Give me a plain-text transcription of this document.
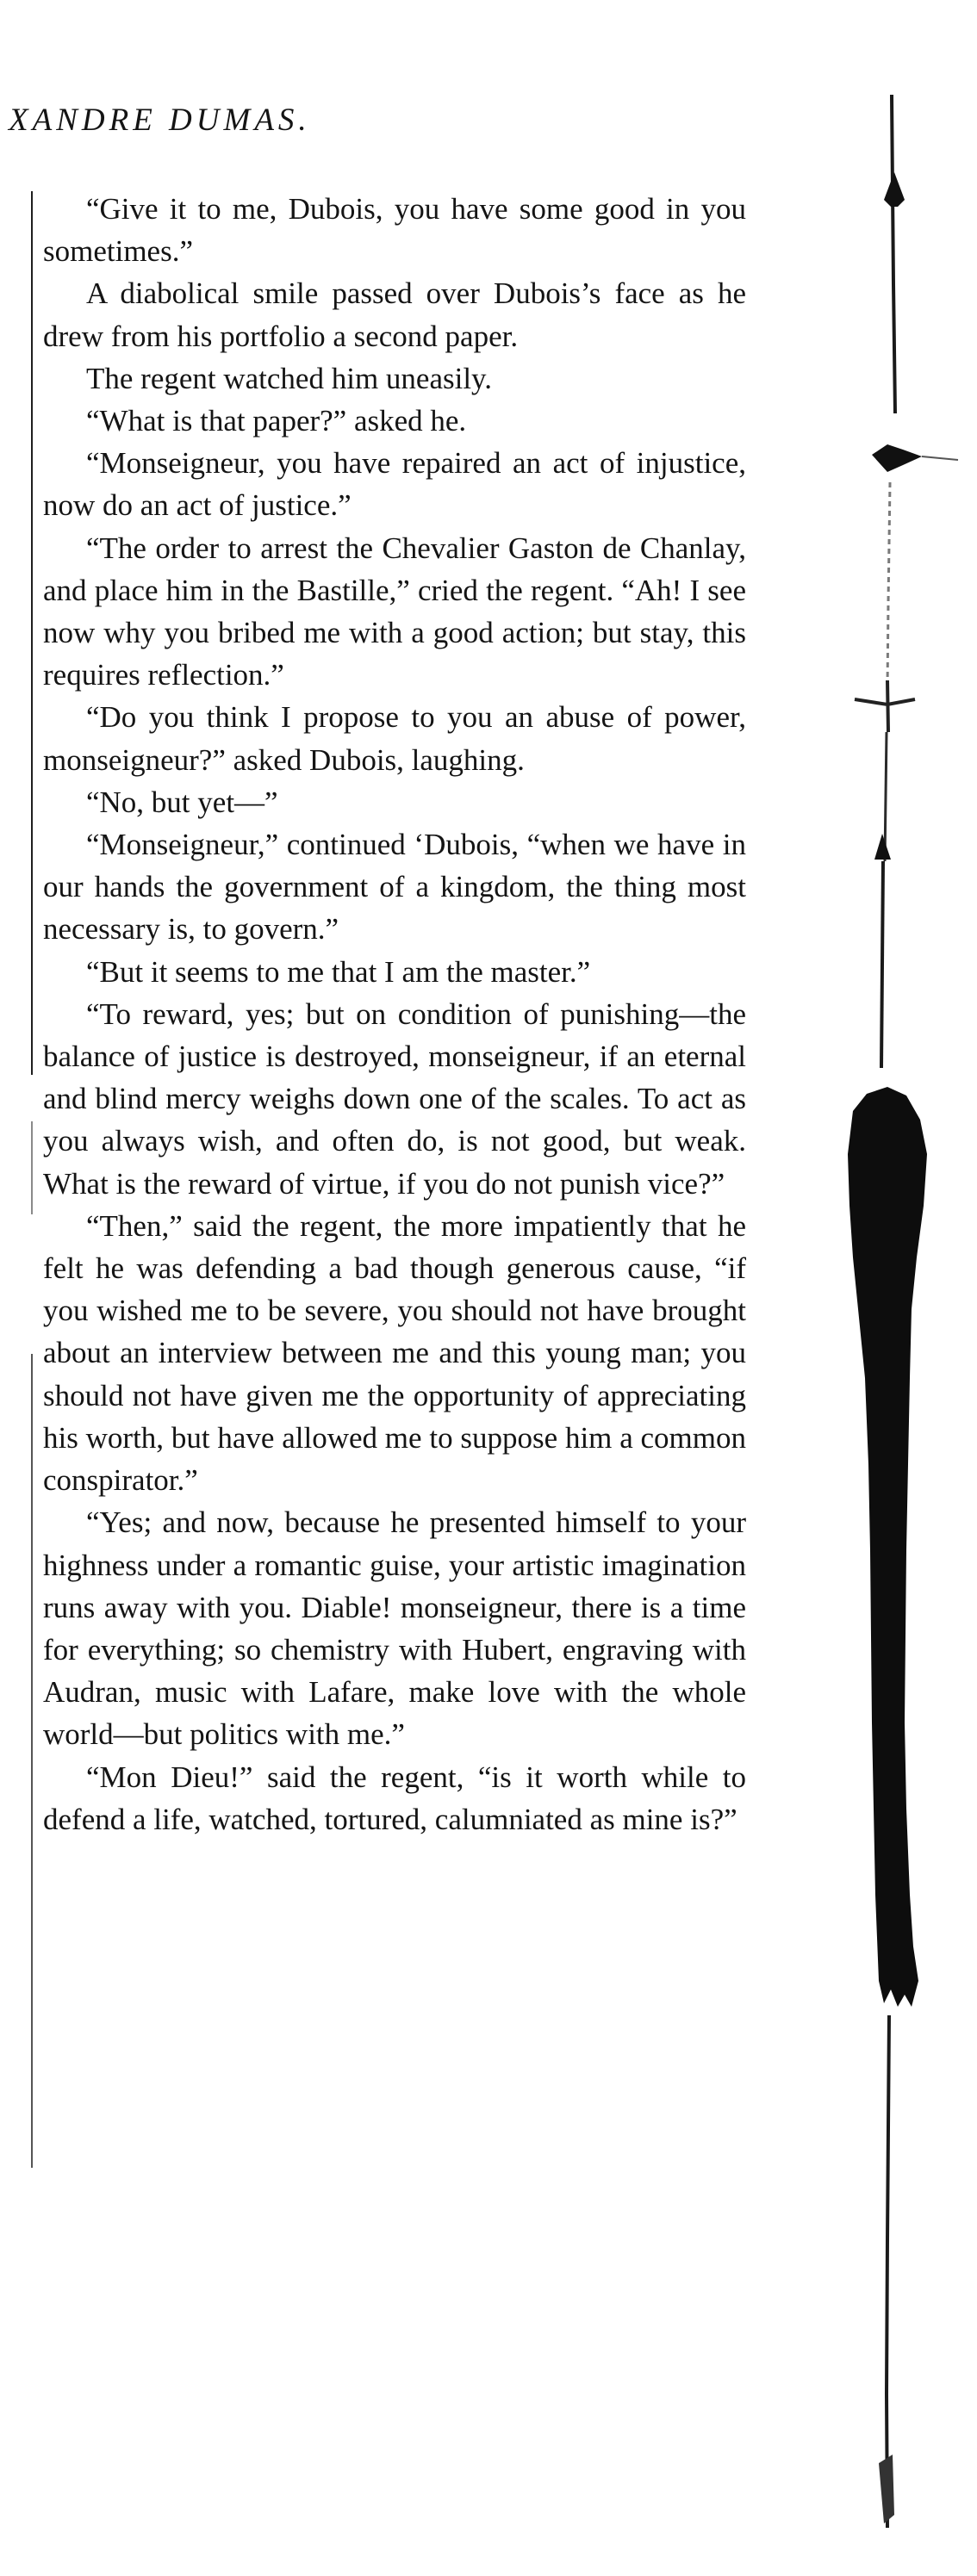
XANDRE DUMAS.

“Give it to me, Dubois, you have some good in you sometimes.”

A diabolical smile passed over Dubois’s face as he drew from his portfolio a second paper.

The regent watched him uneasily.

“What is that paper?” asked he.

“Monseigneur, you have repaired an act of injustice, now do an act of justice.”

“The order to arrest the Chevalier Gaston de Chanlay, and place him in the Bastille,” cried the regent. “Ah! I see now why you bribed me with a good action; but stay, this requires reflection.”

“Do you think I propose to you an abuse of power, monseigneur?” asked Dubois, laughing.

“No, but yet—”

“Monseigneur,” continued ‘Dubois, “when we have in our hands the government of a kingdom, the thing most necessary is, to govern.”

“But it seems to me that I am the master.”

“To reward, yes; but on condition of punishing—the balance of justice is destroyed, monseigneur, if an eternal and blind mercy weighs down one of the scales. To act as you always wish, and often do, is not good, but weak. What is the reward of virtue, if you do not punish vice?”

“Then,” said the regent, the more impatiently that he felt he was defending a bad though generous cause, “if you wished me to be severe, you should not have brought about an interview between me and this young man; you should not have given me the opportunity of appreciating his worth, but have allowed me to suppose him a common conspirator.”

“Yes; and now, because he presented himself to your highness under a romantic guise, your artistic imagination runs away with you. Diable! monseigneur, there is a time for everything; so chemistry with Hubert, engraving with Audran, music with Lafare, make love with the whole world—but politics with me.”

“Mon Dieu!” said the regent, “is it worth while to defend a life, watched, tortured, calumniated as mine is?”
